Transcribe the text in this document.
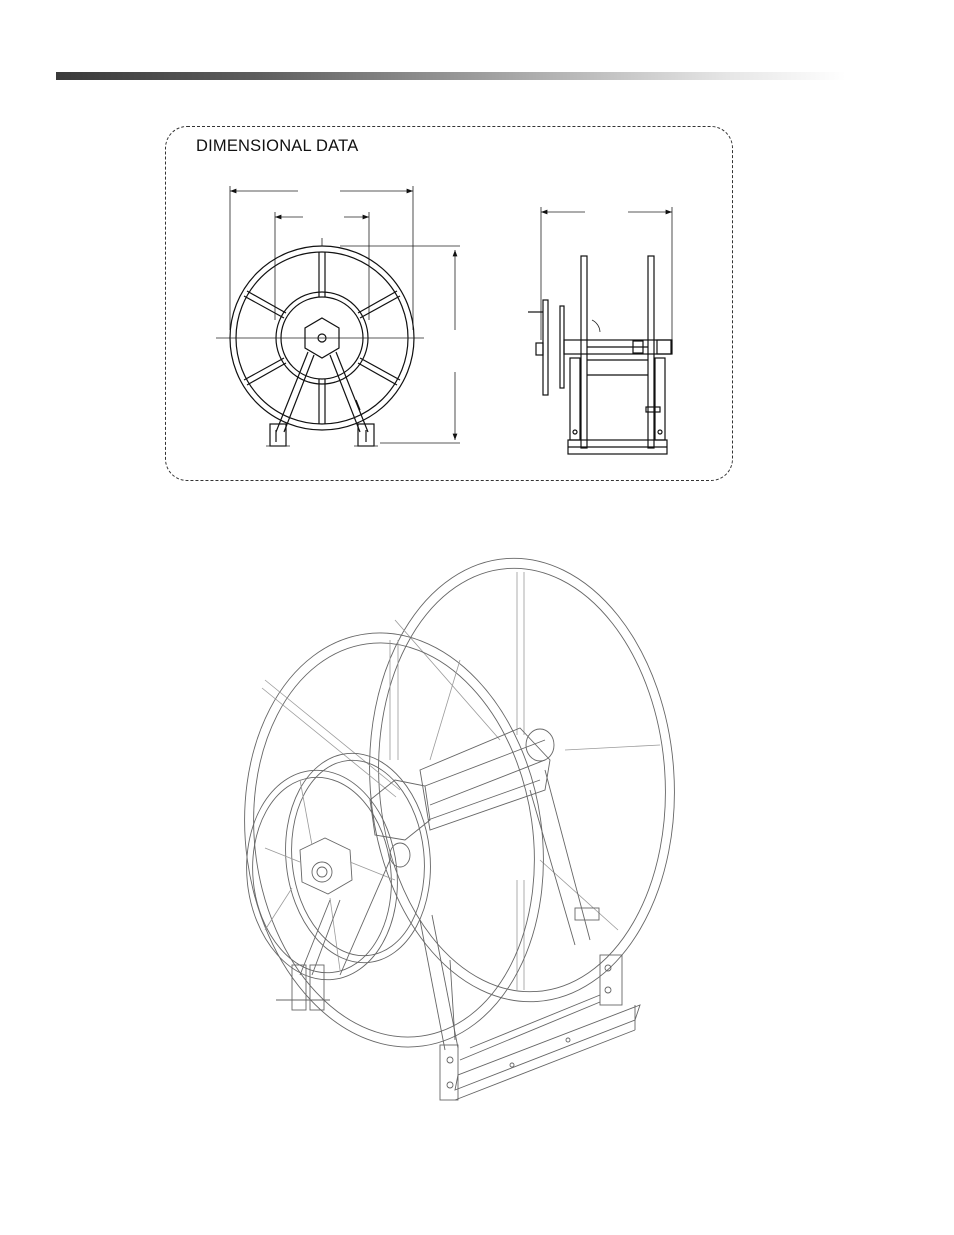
DIMENSIONAL DATA
